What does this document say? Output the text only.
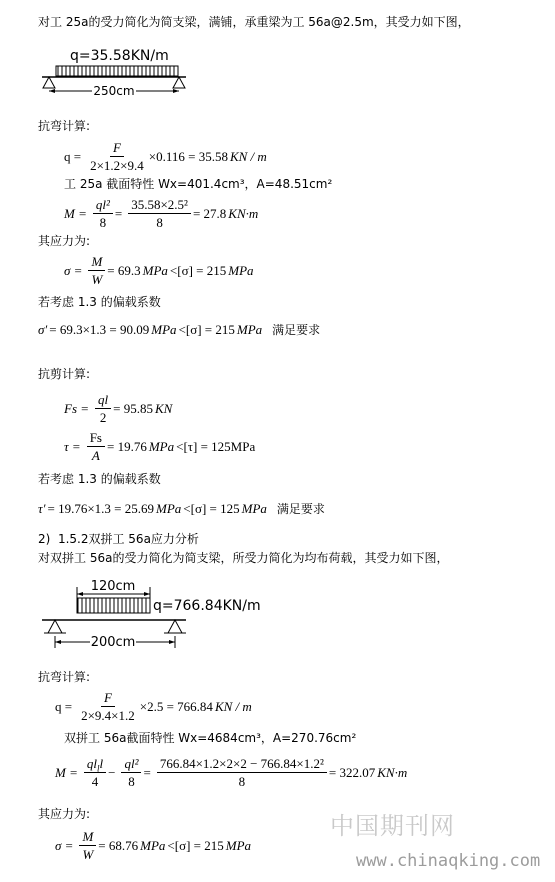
对工 25a的受力简化为简支梁，满铺，承重梁为工 56a@2.5m，其受力如下图，
q=35.58KN/m
250cm
抗弯计算:
$q = \frac{F}{2\times 1.2\times 9.4} \times 0.116 = 35.58$ KN / m
工 25a 截面特性 Wx=401.4cm³，A=48.51cm²
$M = \frac{\text{ql²}}{8} = \frac{\text{35.58×2.5²}}{8} = 27.8$ KN·m
其应力为:
$\sigma = \frac{M}{W} = 69.3$ MPa <[σ] = 215 MPa
若考虑 1.3 的偏载系数
σ′ = 69.3×1.3 = 90.09 MPa <[σ] = 215 MPa 满足要求
抗剪计算:
$Fs = \frac{ql}{2} = 95.85$ KN
$\tau = \frac{Fs}{A} = 19.76$ MPa <[τ] = 125MPa
若考虑 1.3 的偏载系数
τ′ = 19.76×1.3 = 25.69 MPa <[σ] = 125 MPa 满足要求
2)  1.5.2双拼工 56a应力分析
对双拼工 56a的受力简化为简支梁，所受力简化为均布荷载，其受力如下图，
120cm
q=766.84KN/m
200cm
抗弯计算:
$q = \frac{F}{2\times 9.4\times 1.2} \times 2.5 = 766.84$ KN / m
双拼工 56a截面特性 Wx=4684cm³，A=270.76cm²
$M = \frac{ql_ll}{4} - \frac{\text{ql²}}{8} = \frac{\text{766.84×1.2×2×2 − 766.84×1.2²}}{8} = 322.07$ KN·m
其应力为:
$\sigma = \frac{M}{W} = 68.76$ MPa <[σ] = 215 MPa
中国期刊网
www.chinaqking.com
